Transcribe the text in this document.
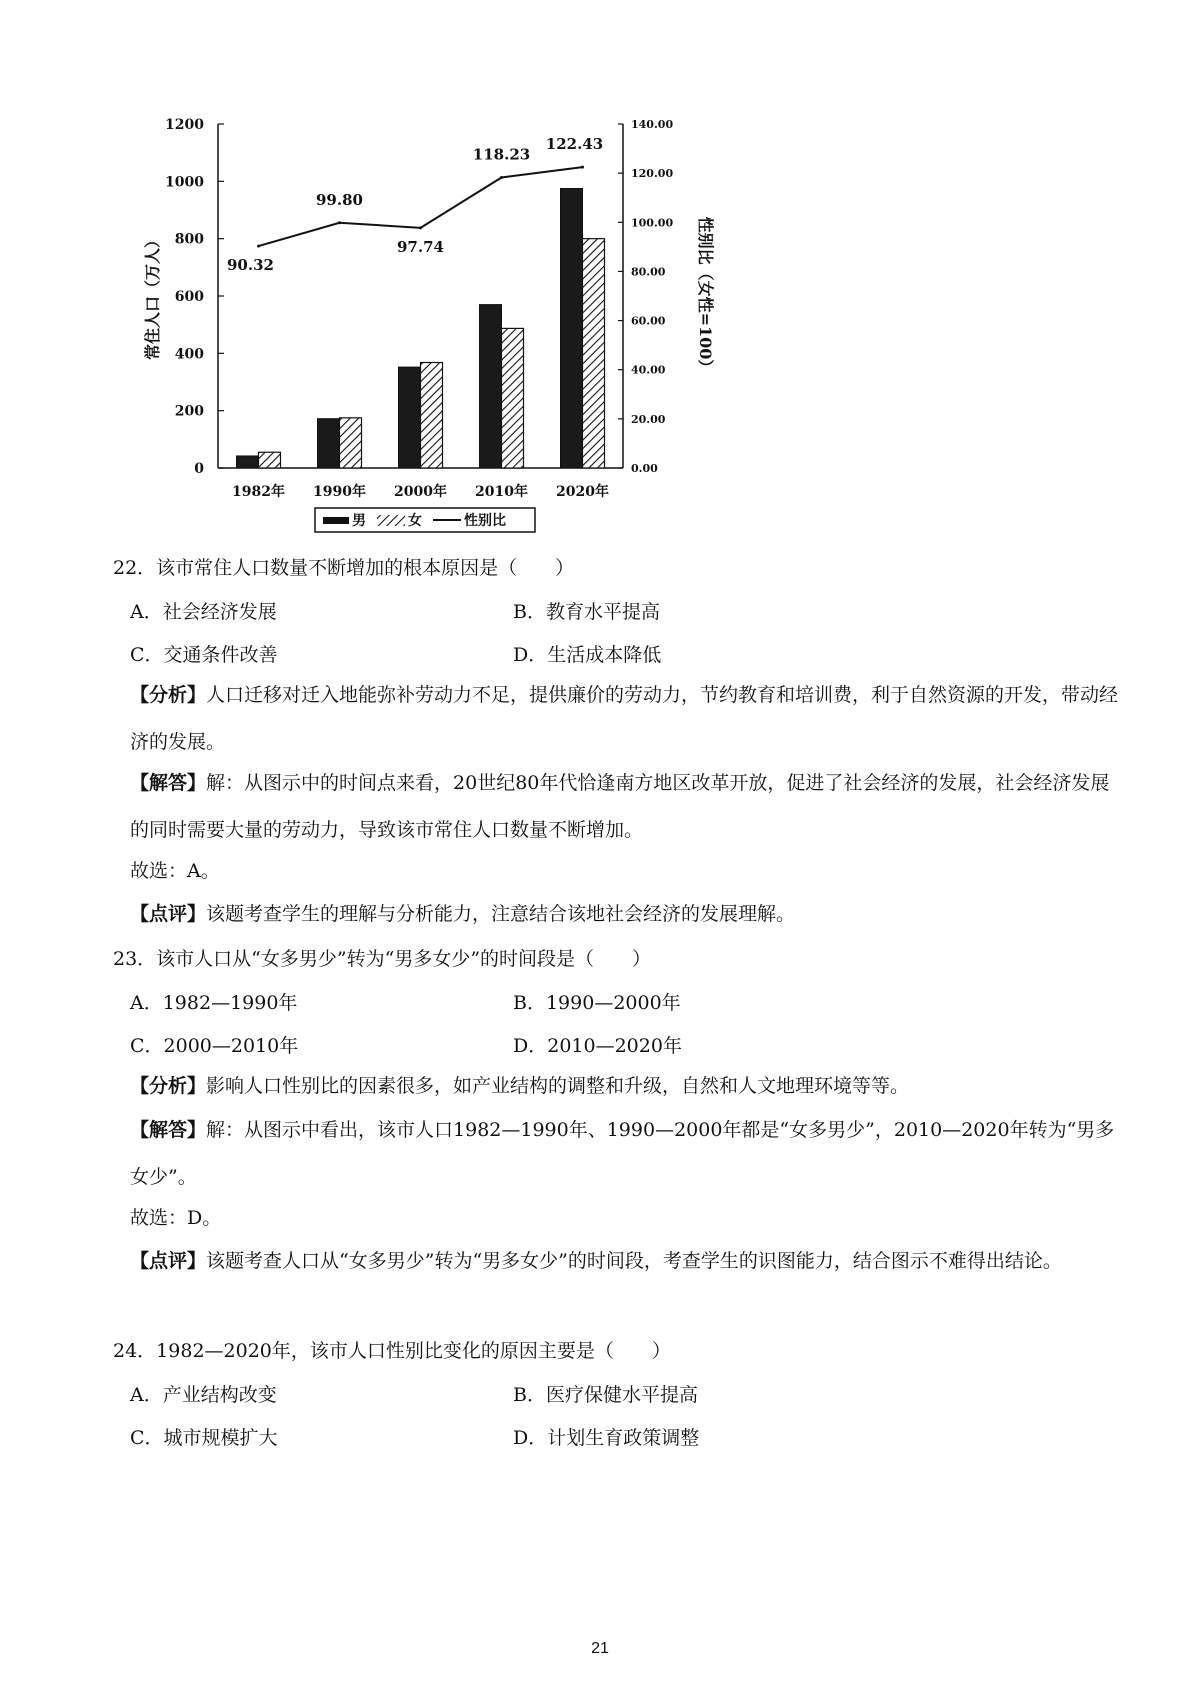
0
200
400
600
800
1000
1200
0.00
20.00
40.00
60.00
80.00
100.00
120.00
140.00
常住人口（万人）	性别比（女性=100）
1982年 1990年 2000年 2010年 2020年
90.32
99.80
97.74
118.23
122.43
男	女	性别比
22．该市常住人口数量不断增加的根本原因是（　　）
A．社会经济发展	B．教育水平提高
C．交通条件改善	D．生活成本降低
【分析】人口迁移对迁入地能弥补劳动力不足，提供廉价的劳动力，节约教育和培训费，利于自然资源的开发，带动经济的发展。
【解答】解：从图示中的时间点来看，20世纪80年代恰逢南方地区改革开放，促进了社会经济的发展，社会经济发展的同时需要大量的劳动力，导致该市常住人口数量不断增加。
故选：A。
【点评】该题考查学生的理解与分析能力，注意结合该地社会经济的发展理解。
23．该市人口从“女多男少”转为“男多女少”的时间段是（　　）
A．1982—1990年	B．1990—2000年
C．2000—2010年	D．2010—2020年
【分析】影响人口性别比的因素很多，如产业结构的调整和升级，自然和人文地理环境等等。
【解答】解：从图示中看出，该市人口1982—1990年、1990—2000年都是“女多男少”，2010—2020年转为“男多女少”。
故选：D。
【点评】该题考查人口从“女多男少”转为“男多女少”的时间段，考查学生的识图能力，结合图示不难得出结论。
24．1982—2020年，该市人口性别比变化的原因主要是（　　）
A．产业结构改变	B．医疗保健水平提高
C．城市规模扩大	D．计划生育政策调整
21
